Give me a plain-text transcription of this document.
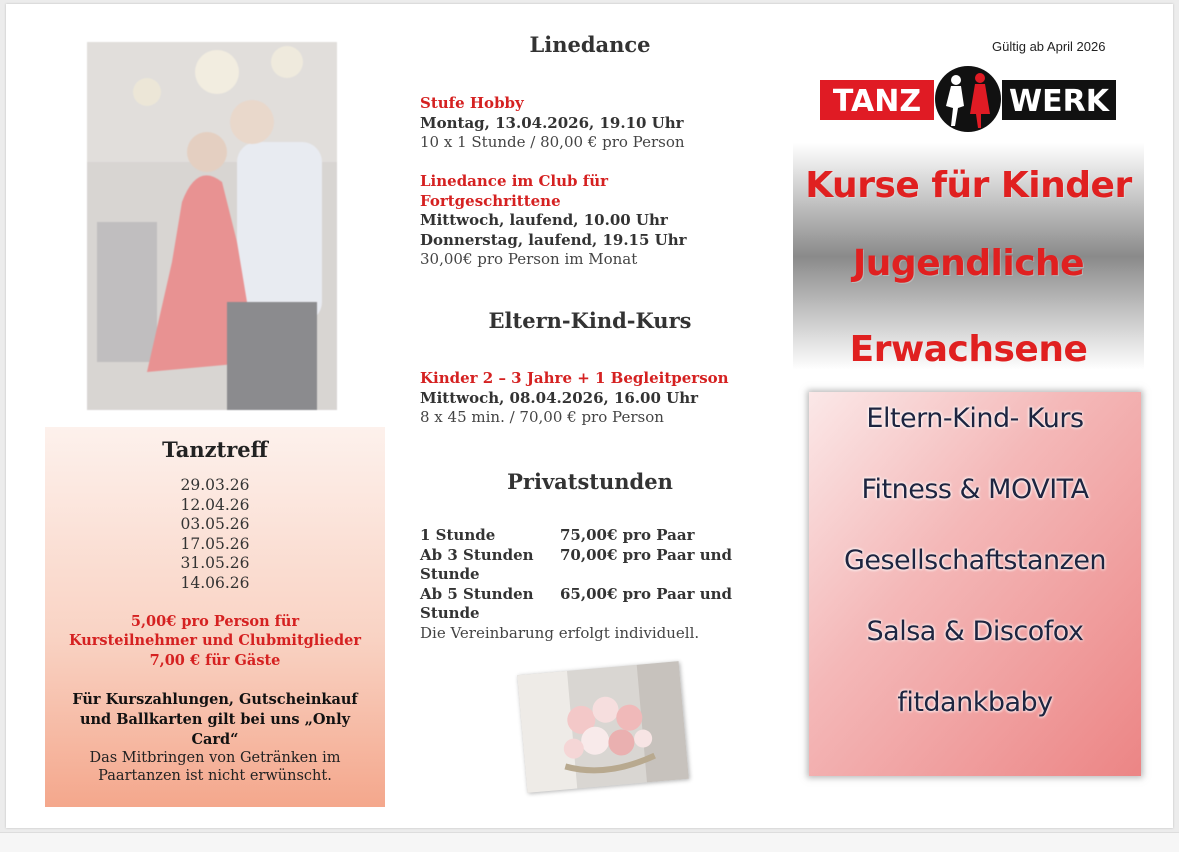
Tanztreff
29.03.26
12.04.26
03.05.26
17.05.26
31.05.26
14.06.26
5,00€ pro Person für
Kursteilnehmer und Clubmitglieder
7,00 € für Gäste
Für Kurszahlungen, Gutscheinkauf
und Ballkarten gilt bei uns „Only
Card“
Das Mitbringen von Getränken im
Paartanzen ist nicht erwünscht.
Linedance
Stufe Hobby
Montag, 13.04.2026, 19.10 Uhr
10 x 1 Stunde / 80,00 € pro Person
Linedance im Club für
Fortgeschrittene
Mittwoch, laufend, 10.00 Uhr
Donnerstag, laufend, 19.15 Uhr
30,00€ pro Person im Monat
Eltern-Kind-Kurs
Kinder 2 – 3 Jahre + 1 Begleitperson
Mittwoch, 08.04.2026, 16.00 Uhr
8 x 45 min. / 70,00 € pro Person
Privatstunden
1 Stunde	75,00€ pro Paar
Ab 3 Stunden	70,00€ pro Paar und
Stunde
Ab 5 Stunden	65,00€ pro Paar und
Stunde
Die Vereinbarung erfolgt individuell.
Gültig ab April 2026
TANZ	WERK
Kurse für Kinder
Jugendliche
Erwachsene
Eltern-Kind- Kurs
Fitness & MOVITA
Gesellschaftstanzen
Salsa & Discofox
fitdankbaby
